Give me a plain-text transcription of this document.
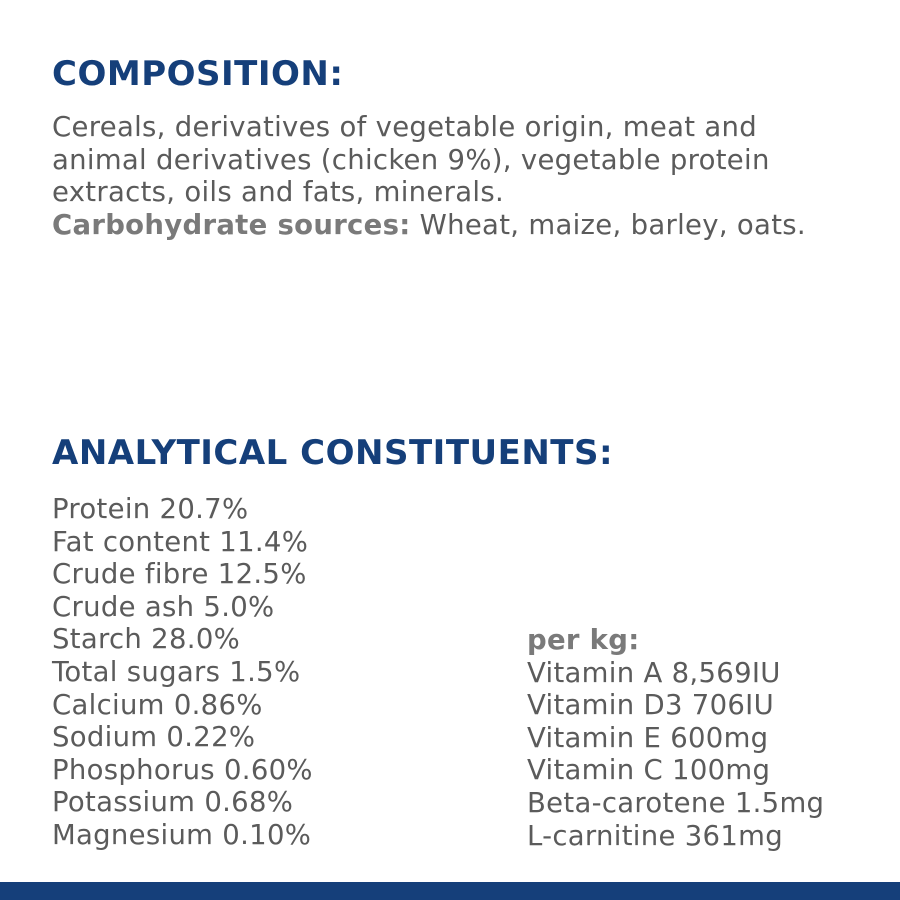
COMPOSITION:

Cereals, derivatives of vegetable origin, meat and
animal derivatives (chicken 9%), vegetable protein
extracts, oils and fats, minerals.
Carbohydrate sources: Wheat, maize, barley, oats.

ANALYTICAL CONSTITUENTS:
Protein 20.7%
Fat content 11.4%
Crude fibre 12.5%
Crude ash 5.0%
Starch 28.0%
Total sugars 1.5%
Calcium 0.86%
Sodium 0.22%
Phosphorus 0.60%
Potassium 0.68%
Magnesium 0.10%
per kg:
Vitamin A 8,569IU
Vitamin D3 706IU
Vitamin E 600mg
Vitamin C 100mg
Beta-carotene 1.5mg
L-carnitine 361mg
